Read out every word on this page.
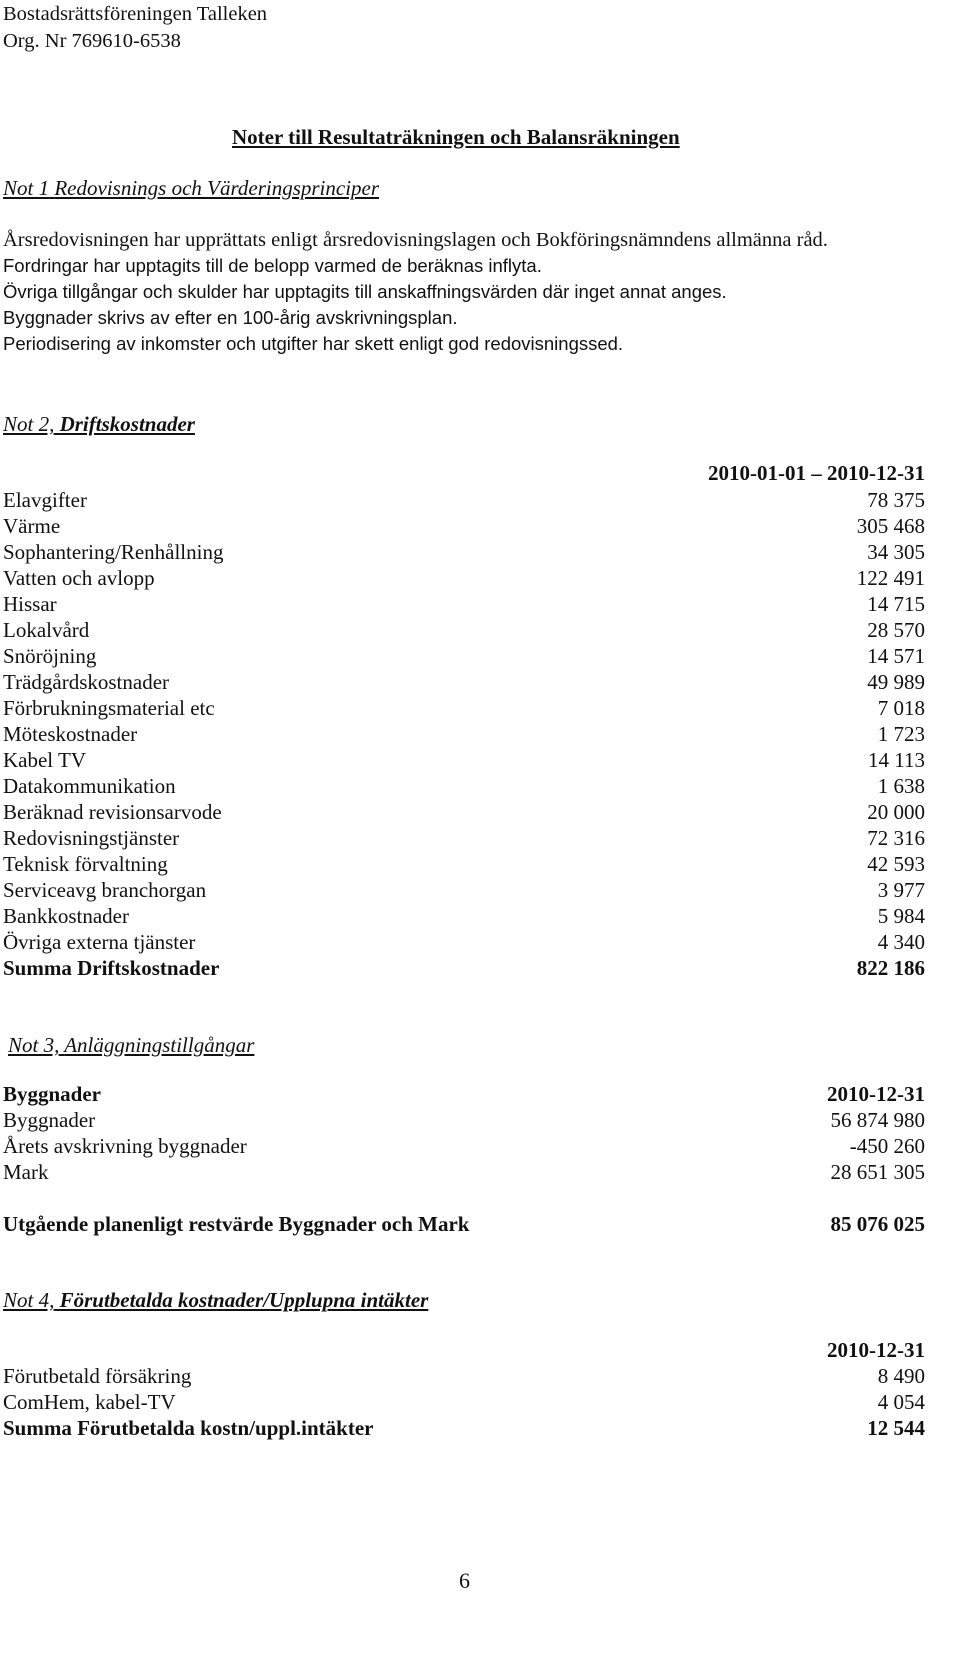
Bostadsrättsföreningen Talleken
Org. Nr 769610-6538
Noter till Resultaträkningen och Balansräkningen
Not 1 Redovisnings och Värderingsprinciper
Årsredovisningen har upprättats enligt årsredovisningslagen och Bokföringsnämndens allmänna råd.
Fordringar har upptagits till de belopp varmed de beräknas inflyta.
Övriga tillgångar och skulder har upptagits till anskaffningsvärden där inget annat anges.
Byggnader skrivs av efter en 100-årig avskrivningsplan.
Periodisering av inkomster och utgifter har skett enligt god redovisningssed.
Not 2, Driftskostnader
2010-01-01 – 2010-12-31
Elavgifter	78 375
Värme	305 468
Sophantering/Renhållning	34 305
Vatten och avlopp	122 491
Hissar	14 715
Lokalvård	28 570
Snöröjning	14 571
Trädgårdskostnader	49 989
Förbrukningsmaterial etc	7 018
Möteskostnader	1 723
Kabel TV	14 113
Datakommunikation	1 638
Beräknad revisionsarvode	20 000
Redovisningstjänster	72 316
Teknisk förvaltning	42 593
Serviceavg branchorgan	3 977
Bankkostnader	5 984
Övriga externa tjänster	4 340
Summa Driftskostnader	822 186
Not 3, Anläggningstillgångar
Byggnader	2010-12-31
Byggnader	56 874 980
Årets avskrivning byggnader	-450 260
Mark	28 651 305
Utgående planenligt restvärde Byggnader och Mark	85 076 025
Not 4, Förutbetalda kostnader/Upplupna intäkter
2010-12-31
Förutbetald försäkring	8 490
ComHem, kabel-TV	4 054
Summa Förutbetalda kostn/uppl.intäkter	12 544
6
